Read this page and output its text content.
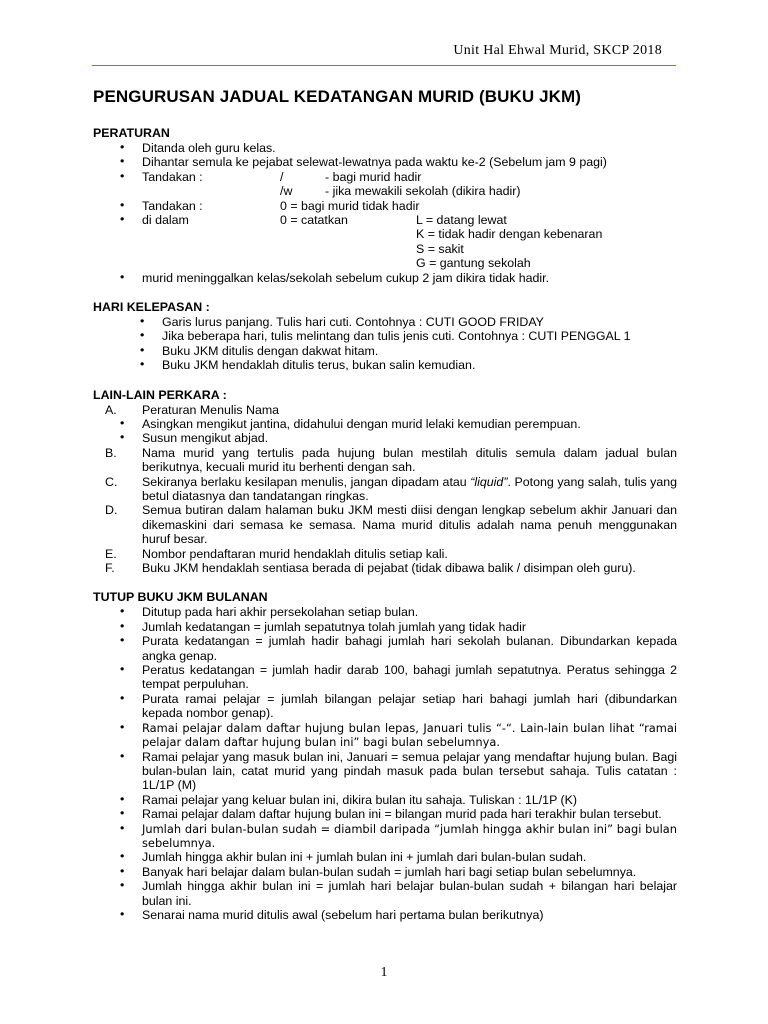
Unit Hal Ehwal Murid, SKCP 2018
PENGURUSAN JADUAL KEDATANGAN MURID (BUKU JKM)
PERATURAN
•	Ditanda oleh guru kelas.
•	Dihantar semula ke pejabat selewat-lewatnya pada waktu ke-2 (Sebelum jam 9 pagi)
• Tandakan :	/	- bagi murid hadir
/w	- jika mewakili sekolah (dikira hadir)
• Tandakan :	0 = bagi murid tidak hadir
• di dalam	0 = catatkan	L = datang lewat
K = tidak hadir dengan kebenaran
S = sakit
G = gantung sekolah
•	murid meninggalkan kelas/sekolah sebelum cukup 2 jam dikira tidak hadir.
HARI KELEPASAN :
•	Garis lurus panjang. Tulis hari cuti. Contohnya : CUTI GOOD FRIDAY
•	Jika beberapa hari, tulis melintang dan tulis jenis cuti. Contohnya : CUTI PENGGAL 1
•	Buku JKM ditulis dengan dakwat hitam.
•	Buku JKM hendaklah ditulis terus, bukan salin kemudian.
LAIN-LAIN PERKARA :
A.	Peraturan Menulis Nama
•	Asingkan mengikut jantina, didahului dengan murid lelaki kemudian perempuan.
•	Susun mengikut abjad.
B.	Nama murid yang tertulis pada hujung bulan mestilah ditulis semula dalam jadual bulan berikutnya, kecuali murid itu berhenti dengan sah.
C.	Sekiranya berlaku kesilapan menulis, jangan dipadam atau “liquid”. Potong yang salah, tulis yang betul diatasnya dan tandatangan ringkas.
D.	Semua butiran dalam halaman buku JKM mesti diisi dengan lengkap sebelum akhir Januari dan dikemaskini dari semasa ke semasa. Nama murid ditulis adalah nama penuh menggunakan huruf besar.
E.	Nombor pendaftaran murid hendaklah ditulis setiap kali.
F.	Buku JKM hendaklah sentiasa berada di pejabat (tidak dibawa balik / disimpan oleh guru).
TUTUP BUKU JKM BULANAN
•	Ditutup pada hari akhir persekolahan setiap bulan.
•	Jumlah kedatangan = jumlah sepatutnya tolah jumlah yang tidak hadir
•	Purata kedatangan = jumlah hadir bahagi jumlah hari sekolah bulanan. Dibundarkan kepada angka genap.
•	Peratus kedatangan = jumlah hadir darab 100, bahagi jumlah sepatutnya. Peratus sehingga 2 tempat perpuluhan.
•	Purata ramai pelajar = jumlah bilangan pelajar setiap hari bahagi jumlah hari (dibundarkan kepada nombor genap).
•	Ramai pelajar dalam daftar hujung bulan lepas, Januari tulis “-“. Lain-lain bulan lihat “ramai pelajar dalam daftar hujung bulan ini” bagi bulan sebelumnya.
•	Ramai pelajar yang masuk bulan ini, Januari = semua pelajar yang mendaftar hujung bulan. Bagi bulan-bulan lain, catat murid yang pindah masuk pada bulan tersebut sahaja. Tulis catatan : 1L/1P (M)
•	Ramai pelajar yang keluar bulan ini, dikira bulan itu sahaja. Tuliskan : 1L/1P (K)
•	Ramai pelajar dalam daftar hujung bulan ini = bilangan murid pada hari terakhir bulan tersebut.
•	Jumlah dari bulan-bulan sudah = diambil daripada “jumlah hingga akhir bulan ini” bagi bulan sebelumnya.
•	Jumlah hingga akhir bulan ini + jumlah bulan ini + jumlah dari bulan-bulan sudah.
•	Banyak hari belajar dalam bulan-bulan sudah = jumlah hari bagi setiap bulan sebelumnya.
•	Jumlah hingga akhir bulan ini = jumlah hari belajar bulan-bulan sudah + bilangan hari belajar bulan ini.
•	Senarai nama murid ditulis awal (sebelum hari pertama bulan berikutnya)
1
